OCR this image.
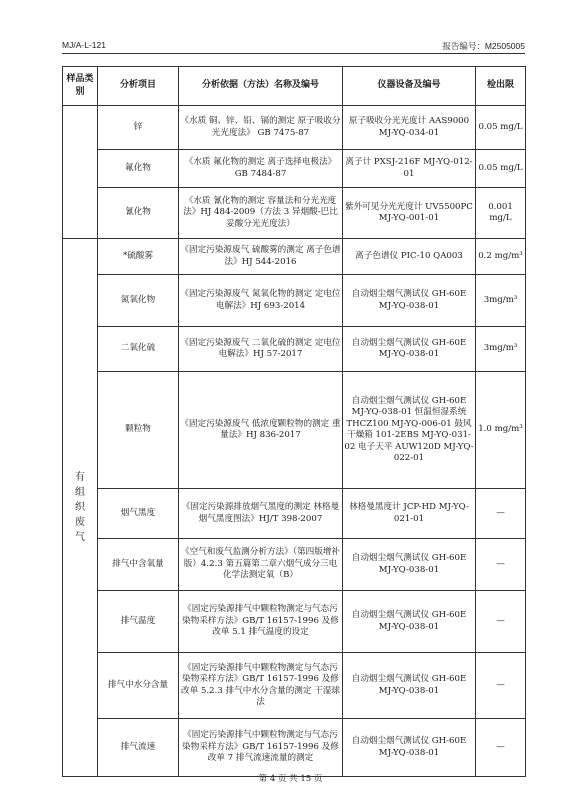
MJ/A-L-121	报告编号：M2505005
样品类别	分析项目	分析依据（方法）名称及编号	仪器设备及编号	检出限
	锌	《水质 铜、锌、铅、镉的测定 原子吸收分光光度法》 GB 7475-87	原子吸收分光光度计 AAS9000 MJ-YQ-034-01	0.05 mg/L
	氟化物	《水质 氟化物的测定 离子选择电极法》GB 7484-87	离子计 PXSJ-216F MJ-YQ-012-01	0.05 mg/L
	氰化物	《水质 氰化物的测定 容量法和分光光度法》HJ 484-2009（方法 3 异烟酸-巴比妥酸分光光度法）	紫外可见分光光度计 UV5500PC MJ-YQ-001-01	0.001 mg/L

有组织废气	*硫酸雾	《固定污染源废气 硫酸雾的测定 离子色谱法》HJ 544-2016	离子色谱仪 PIC-10 QA003	0.2 mg/m³
	氮氧化物	《固定污染源废气 氮氧化物的测定 定电位电解法》HJ 693-2014	自动烟尘烟气测试仪 GH-60E MJ-YQ-038-01	3mg/m³
	二氧化硫	《固定污染源废气 二氧化硫的测定 定电位电解法》HJ 57-2017	自动烟尘烟气测试仪 GH-60E MJ-YQ-038-01	3mg/m³
	颗粒物	《固定污染源废气 低浓度颗粒物的测定 重量法》HJ 836-2017	自动烟尘烟气测试仪 GH-60E MJ-YQ-038-01 恒温恒湿系统 THCZ100 MJ-YQ-006-01 鼓风干燥箱 101-2EBS MJ-YQ-031-02 电子天平 AUW120D MJ-YQ-022-01	1.0 mg/m³
	烟气黑度	《固定污染源排放烟气黑度的测定 林格曼烟气黑度图法》HJ/T 398-2007	林格曼黑度计 JCP-HD MJ-YQ-021-01	—
	排气中含氧量	《空气和废气监测分析方法》（第四版增补版）4.2.3 第五篇第二章六烟气成分三电化学法测定氧（B）	自动烟尘烟气测试仪 GH-60E MJ-YQ-038-01	—
	排气温度	《固定污染源排气中颗粒物测定与气态污染物采样方法》GB/T 16157-1996 及修改单 5.1 排气温度的设定	自动烟尘烟气测试仪 GH-60E MJ-YQ-038-01	—
	排气中水分含量	《固定污染源排气中颗粒物测定与气态污染物采样方法》GB/T 16157-1996 及修改单 5.2.3 排气中水分含量的测定 干湿球法	自动烟尘烟气测试仪 GH-60E MJ-YQ-038-01	—
	排气流速	《固定污染源排气中颗粒物测定与气态污染物采样方法》GB/T 16157-1996 及修改单 7 排气流速流量的测定	自动烟尘烟气测试仪 GH-60E MJ-YQ-038-01	—
第 4 页 共 15 页
